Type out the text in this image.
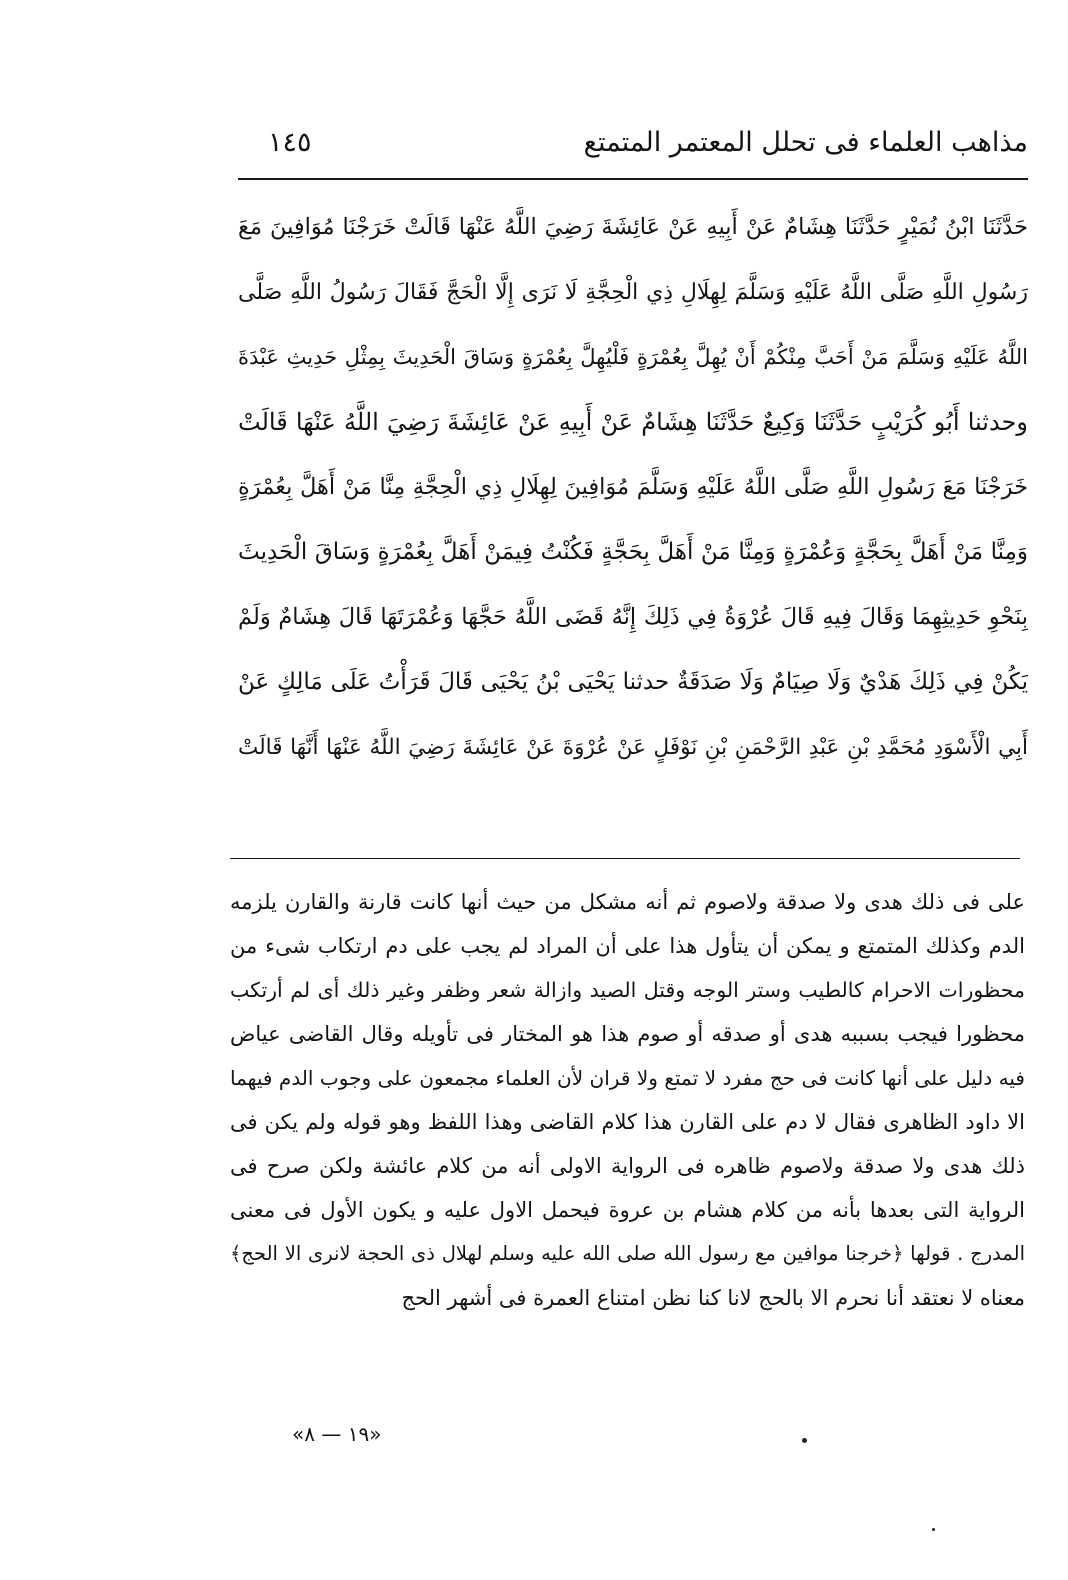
مذاهب العلماء فى تحلل المعتمر المتمتع
١٤٥
حَدَّثَنَا ابْنُ نُمَيْرٍ حَدَّثَنَا هِشَامٌ عَنْ أَبِيهِ عَنْ عَائِشَةَ رَضِيَ اللَّهُ عَنْهَا قَالَتْ خَرَجْنَا مُوَافِينَ مَعَ
رَسُولِ اللَّهِ صَلَّى اللَّهُ عَلَيْهِ وَسَلَّمَ لِهِلَالِ ذِي الْحِجَّةِ لَا نَرَى إِلَّا الْحَجَّ فَقَالَ رَسُولُ اللَّهِ صَلَّى
اللَّهُ عَلَيْهِ وَسَلَّمَ مَنْ أَحَبَّ مِنْكُمْ أَنْ يُهِلَّ بِعُمْرَةٍ فَلْيُهِلَّ بِعُمْرَةٍ وَسَاقَ الْحَدِيثَ بِمِثْلِ حَدِيثِ عَبْدَةَ
وحدثنا أَبُو كُرَيْبٍ حَدَّثَنَا وَكِيعٌ حَدَّثَنَا هِشَامٌ عَنْ أَبِيهِ عَنْ عَائِشَةَ رَضِيَ اللَّهُ عَنْهَا قَالَتْ
خَرَجْنَا مَعَ رَسُولِ اللَّهِ صَلَّى اللَّهُ عَلَيْهِ وَسَلَّمَ مُوَافِينَ لِهِلَالِ ذِي الْحِجَّةِ مِنَّا مَنْ أَهَلَّ بِعُمْرَةٍ
وَمِنَّا مَنْ أَهَلَّ بِحَجَّةٍ وَعُمْرَةٍ وَمِنَّا مَنْ أَهَلَّ بِحَجَّةٍ فَكُنْتُ فِيمَنْ أَهَلَّ بِعُمْرَةٍ وَسَاقَ الْحَدِيثَ
بِنَحْوِ حَدِيثِهِمَا وَقَالَ فِيهِ قَالَ عُرْوَةُ فِي ذَلِكَ إِنَّهُ قَضَى اللَّهُ حَجَّهَا وَعُمْرَتَهَا قَالَ هِشَامٌ وَلَمْ
يَكُنْ فِي ذَلِكَ هَدْيٌ وَلَا صِيَامٌ وَلَا صَدَقَةٌ حدثنا يَحْيَى بْنُ يَحْيَى قَالَ قَرَأْتُ عَلَى مَالِكٍ عَنْ
أَبِي الْأَسْوَدِ مُحَمَّدِ بْنِ عَبْدِ الرَّحْمَنِ بْنِ نَوْفَلٍ عَنْ عُرْوَةَ عَنْ عَائِشَةَ رَضِيَ اللَّهُ عَنْهَا أَنَّهَا قَالَتْ
على فى ذلك هدى ولا صدقة ولاصوم ثم أنه مشكل من حيث أنها كانت قارنة والقارن يلزمه
الدم وكذلك المتمتع و يمكن أن يتأول هذا على أن المراد لم يجب على دم ارتكاب شىء من
محظورات الاحرام كالطيب وستر الوجه وقتل الصيد وازالة شعر وظفر وغير ذلك أى لم أرتكب
محظورا فيجب بسببه هدى أو صدقه أو صوم هذا هو المختار فى تأويله وقال القاضى عياض
فيه دليل على أنها كانت فى حج مفرد لا تمتع ولا قران لأن العلماء مجمعون على وجوب الدم فيهما
الا داود الظاهرى فقال لا دم على القارن هذا كلام القاضى وهذا اللفظ وهو قوله ولم يكن فى
ذلك هدى ولا صدقة ولاصوم ظاهره فى الرواية الاولى أنه من كلام عائشة ولكن صرح فى
الرواية التى بعدها بأنه من كلام هشام بن عروة فيحمل الاول عليه و يكون الأول فى معنى
المدرج . قولها ﴿خرجنا موافين مع رسول الله صلى الله عليه وسلم لهلال ذى الحجة لانرى الا الحج﴾
معناه لا نعتقد أنا نحرم الا بالحج لانا كنا نظن امتناع العمرة فى أشهر الحج
«١٩ — ٨»
